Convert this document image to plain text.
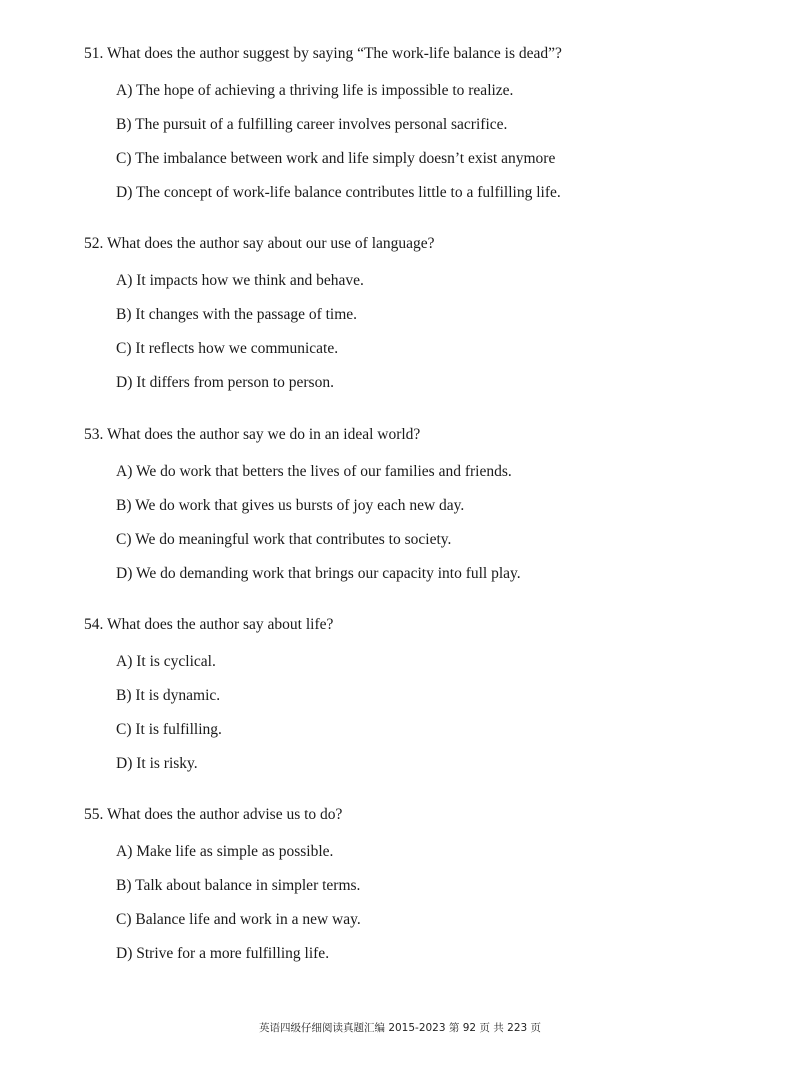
51. What does the author suggest by saying “The work-life balance is dead”?
A) The hope of achieving a thriving life is impossible to realize.
B) The pursuit of a fulfilling career involves personal sacrifice.
C) The imbalance between work and life simply doesn’t exist anymore
D) The concept of work-life balance contributes little to a fulfilling life.
52. What does the author say about our use of language?
A) It impacts how we think and behave.
B) It changes with the passage of time.
C) It reflects how we communicate.
D) It differs from person to person.
53. What does the author say we do in an ideal world?
A) We do work that betters the lives of our families and friends.
B) We do work that gives us bursts of joy each new day.
C) We do meaningful work that contributes to society.
D) We do demanding work that brings our capacity into full play.
54. What does the author say about life?
A) It is cyclical.
B) It is dynamic.
C) It is fulfilling.
D) It is risky.
55. What does the author advise us to do?
A) Make life as simple as possible.
B) Talk about balance in simpler terms.
C) Balance life and work in a new way.
D) Strive for a more fulfilling life.
英语四级仔细阅读真题汇编 2015-2023 第 92 页 共 223 页
